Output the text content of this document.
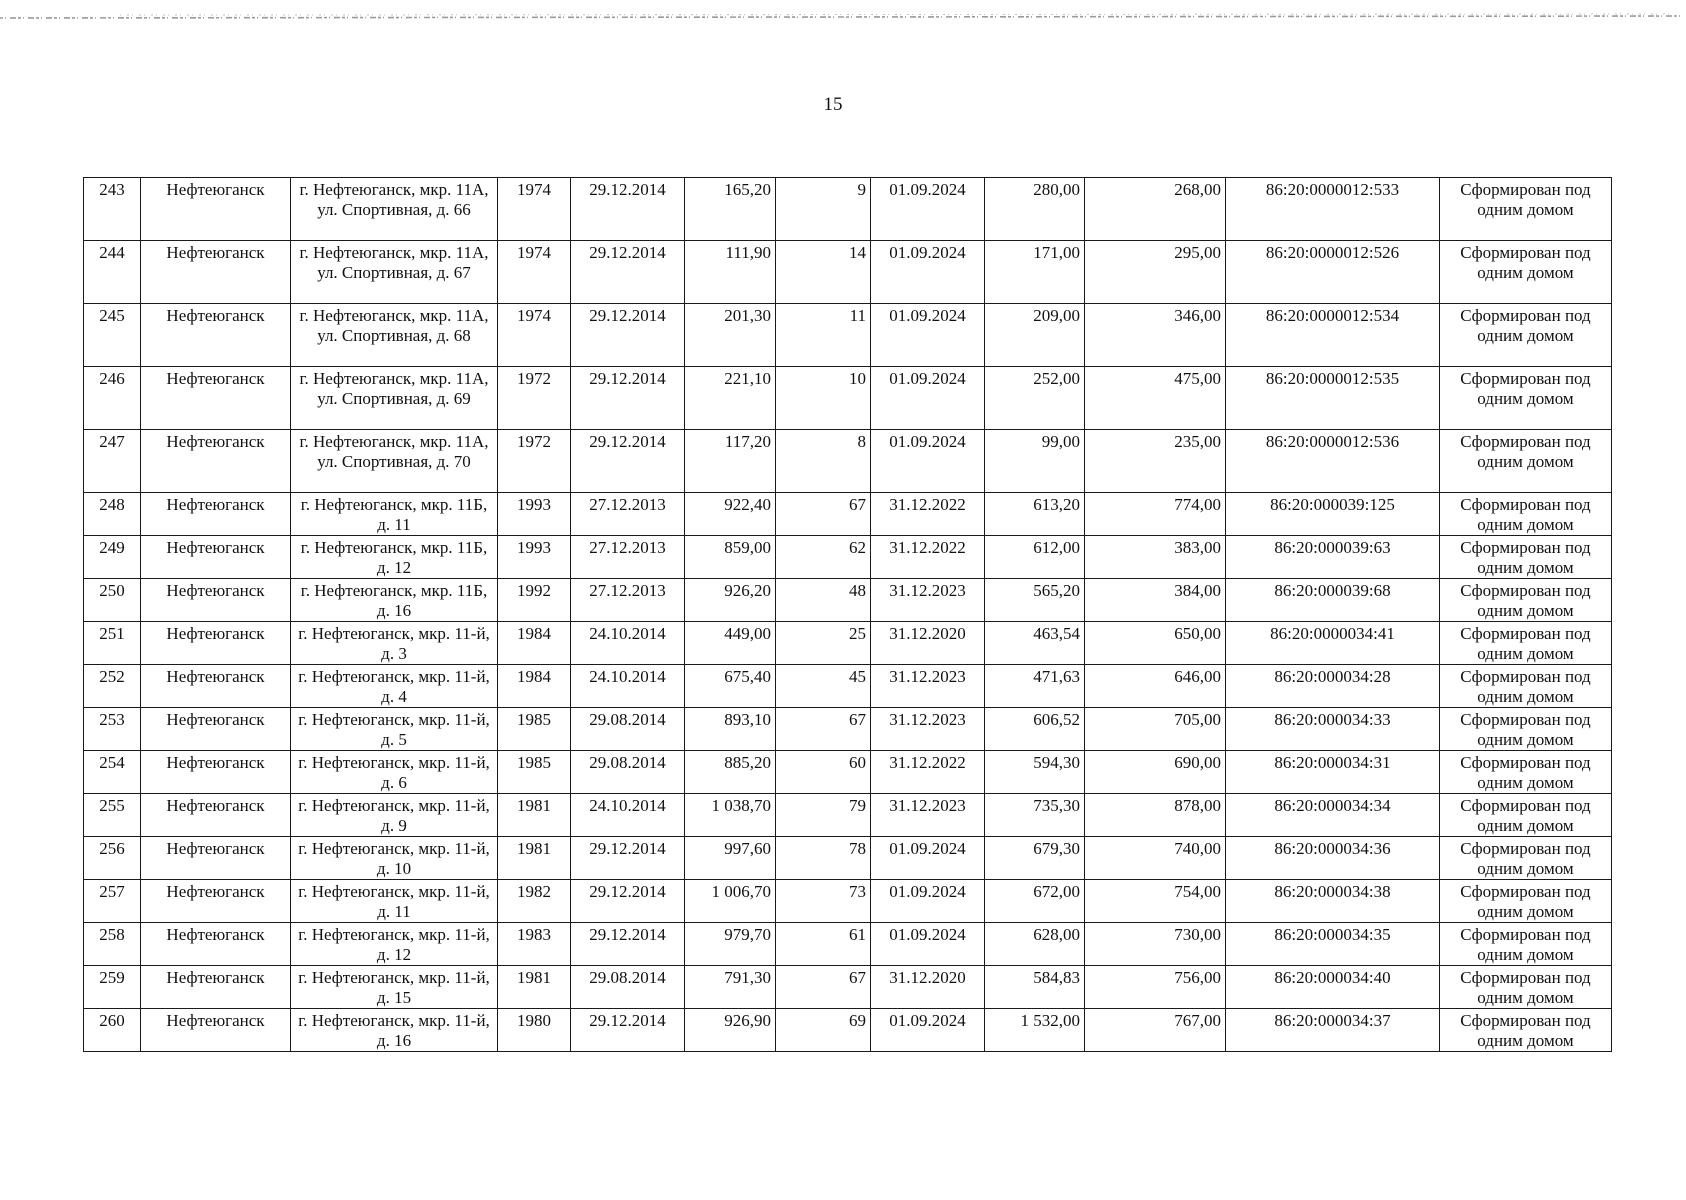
15
243	Нефтеюганск	г. Нефтеюганск, мкр. 11А, ул. Спортивная, д. 66	1974	29.12.2014	165,20	9	01.09.2024	280,00	268,00	86:20:0000012:533	Сформирован под одним домом
244	Нефтеюганск	г. Нефтеюганск, мкр. 11А, ул. Спортивная, д. 67	1974	29.12.2014	111,90	14	01.09.2024	171,00	295,00	86:20:0000012:526	Сформирован под одним домом
245	Нефтеюганск	г. Нефтеюганск, мкр. 11А, ул. Спортивная, д. 68	1974	29.12.2014	201,30	11	01.09.2024	209,00	346,00	86:20:0000012:534	Сформирован под одним домом
246	Нефтеюганск	г. Нефтеюганск, мкр. 11А, ул. Спортивная, д. 69	1972	29.12.2014	221,10	10	01.09.2024	252,00	475,00	86:20:0000012:535	Сформирован под одним домом
247	Нефтеюганск	г. Нефтеюганск, мкр. 11А, ул. Спортивная, д. 70	1972	29.12.2014	117,20	8	01.09.2024	99,00	235,00	86:20:0000012:536	Сформирован под одним домом
248	Нефтеюганск	г. Нефтеюганск, мкр. 11Б, д. 11	1993	27.12.2013	922,40	67	31.12.2022	613,20	774,00	86:20:000039:125	Сформирован под одним домом
249	Нефтеюганск	г. Нефтеюганск, мкр. 11Б, д. 12	1993	27.12.2013	859,00	62	31.12.2022	612,00	383,00	86:20:000039:63	Сформирован под одним домом
250	Нефтеюганск	г. Нефтеюганск, мкр. 11Б, д. 16	1992	27.12.2013	926,20	48	31.12.2023	565,20	384,00	86:20:000039:68	Сформирован под одним домом
251	Нефтеюганск	г. Нефтеюганск, мкр. 11-й, д. 3	1984	24.10.2014	449,00	25	31.12.2020	463,54	650,00	86:20:0000034:41	Сформирован под одним домом
252	Нефтеюганск	г. Нефтеюганск, мкр. 11-й, д. 4	1984	24.10.2014	675,40	45	31.12.2023	471,63	646,00	86:20:000034:28	Сформирован под одним домом
253	Нефтеюганск	г. Нефтеюганск, мкр. 11-й, д. 5	1985	29.08.2014	893,10	67	31.12.2023	606,52	705,00	86:20:000034:33	Сформирован под одним домом
254	Нефтеюганск	г. Нефтеюганск, мкр. 11-й, д. 6	1985	29.08.2014	885,20	60	31.12.2022	594,30	690,00	86:20:000034:31	Сформирован под одним домом
255	Нефтеюганск	г. Нефтеюганск, мкр. 11-й, д. 9	1981	24.10.2014	1 038,70	79	31.12.2023	735,30	878,00	86:20:000034:34	Сформирован под одним домом
256	Нефтеюганск	г. Нефтеюганск, мкр. 11-й, д. 10	1981	29.12.2014	997,60	78	01.09.2024	679,30	740,00	86:20:000034:36	Сформирован под одним домом
257	Нефтеюганск	г. Нефтеюганск, мкр. 11-й, д. 11	1982	29.12.2014	1 006,70	73	01.09.2024	672,00	754,00	86:20:000034:38	Сформирован под одним домом
258	Нефтеюганск	г. Нефтеюганск, мкр. 11-й, д. 12	1983	29.12.2014	979,70	61	01.09.2024	628,00	730,00	86:20:000034:35	Сформирован под одним домом
259	Нефтеюганск	г. Нефтеюганск, мкр. 11-й, д. 15	1981	29.08.2014	791,30	67	31.12.2020	584,83	756,00	86:20:000034:40	Сформирован под одним домом
260	Нефтеюганск	г. Нефтеюганск, мкр. 11-й, д. 16	1980	29.12.2014	926,90	69	01.09.2024	1 532,00	767,00	86:20:000034:37	Сформирован под одним домом
